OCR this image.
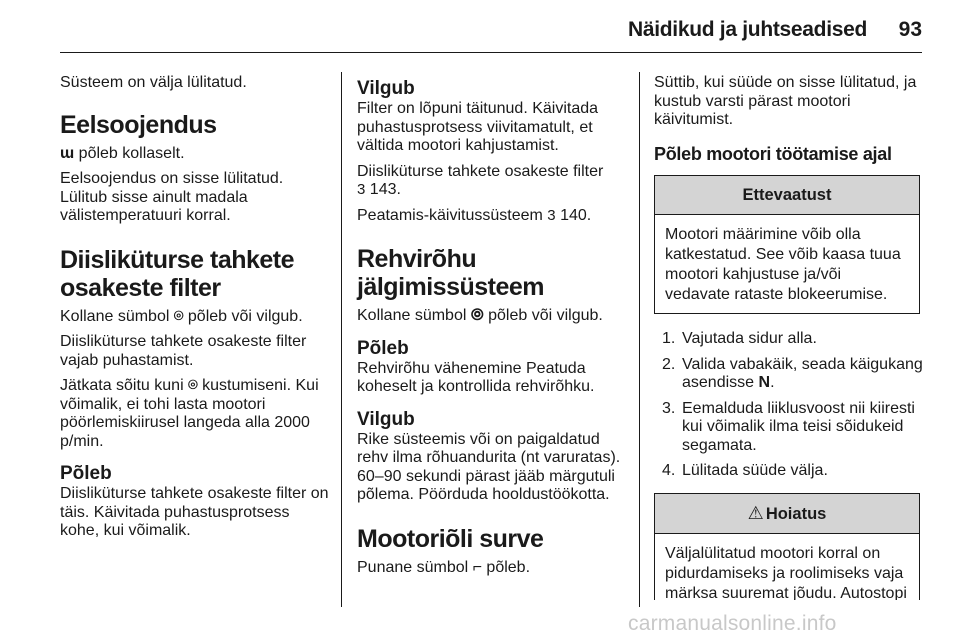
Näidikud ja juhtseadised 93

Süsteem on välja lülitatud.

Eelsoojendus

ɯ põleb kollaselt.

Eelsoojendus on sisse lülitatud. Lülitub sisse ainult madala välistemperatuuri korral.

Diisliküturse tahkete
osakeste filter

Kollane sümbol ⌾ põleb või vilgub.

Diisliküturse tahkete osakeste filter vajab puhastamist.

Jätkata sõitu kuni ⌾ kustumiseni. Kui võimalik, ei tohi lasta mootori pöörlemiskiirusel langeda alla 2000 p/min.

Põleb

Diisliküturse tahkete osakeste filter on täis. Käivitada puhastusprotsess kohe, kui võimalik.

Vilgub

Filter on lõpuni täitunud. Käivitada puhastusprotsess viivitamatult, et vältida mootori kahjustamist.

Diisliküturse tahkete osakeste filter
3 143.

Peatamis-käivitussüsteem 3 140.

Rehvirõhu
jälgimissüsteem

Kollane sümbol ⦾ põleb või vilgub.

Põleb

Rehvirõhu vähenemine Peatuda koheselt ja kontrollida rehvirõhku.

Vilgub

Rike süsteemis või on paigaldatud rehv ilma rõhuandurita (nt varuratas). 60–90 sekundi pärast jääb märgutuli põlema. Pöörduda hooldustöökotta.

Mootoriõli surve

Punane sümbol ⌐ põleb.

Süttib, kui süüde on sisse lülitatud, ja kustub varsti pärast mootori käivitumist.

Põleb mootori töötamise ajal
Ettevaatust
Mootori määrimine võib olla katkestatud. See võib kaasa tuua mootori kahjustuse ja/või vedavate rataste blokeerumise.
1. Vajutada sidur alla.
2. Valida vabakäik, seada käigukang asendisse N.
3. Eemalduda liiklusvoost nii kiiresti kui võimalik ilma teisi sõidukeid segamata.
4. Lülitada süüde välja.
⚠ Hoiatus
Väljalülitatud mootori korral on pidurdamiseks ja roolimiseks vaja märksa suuremat jõudu. Autostopi
carmanualsonline.info
